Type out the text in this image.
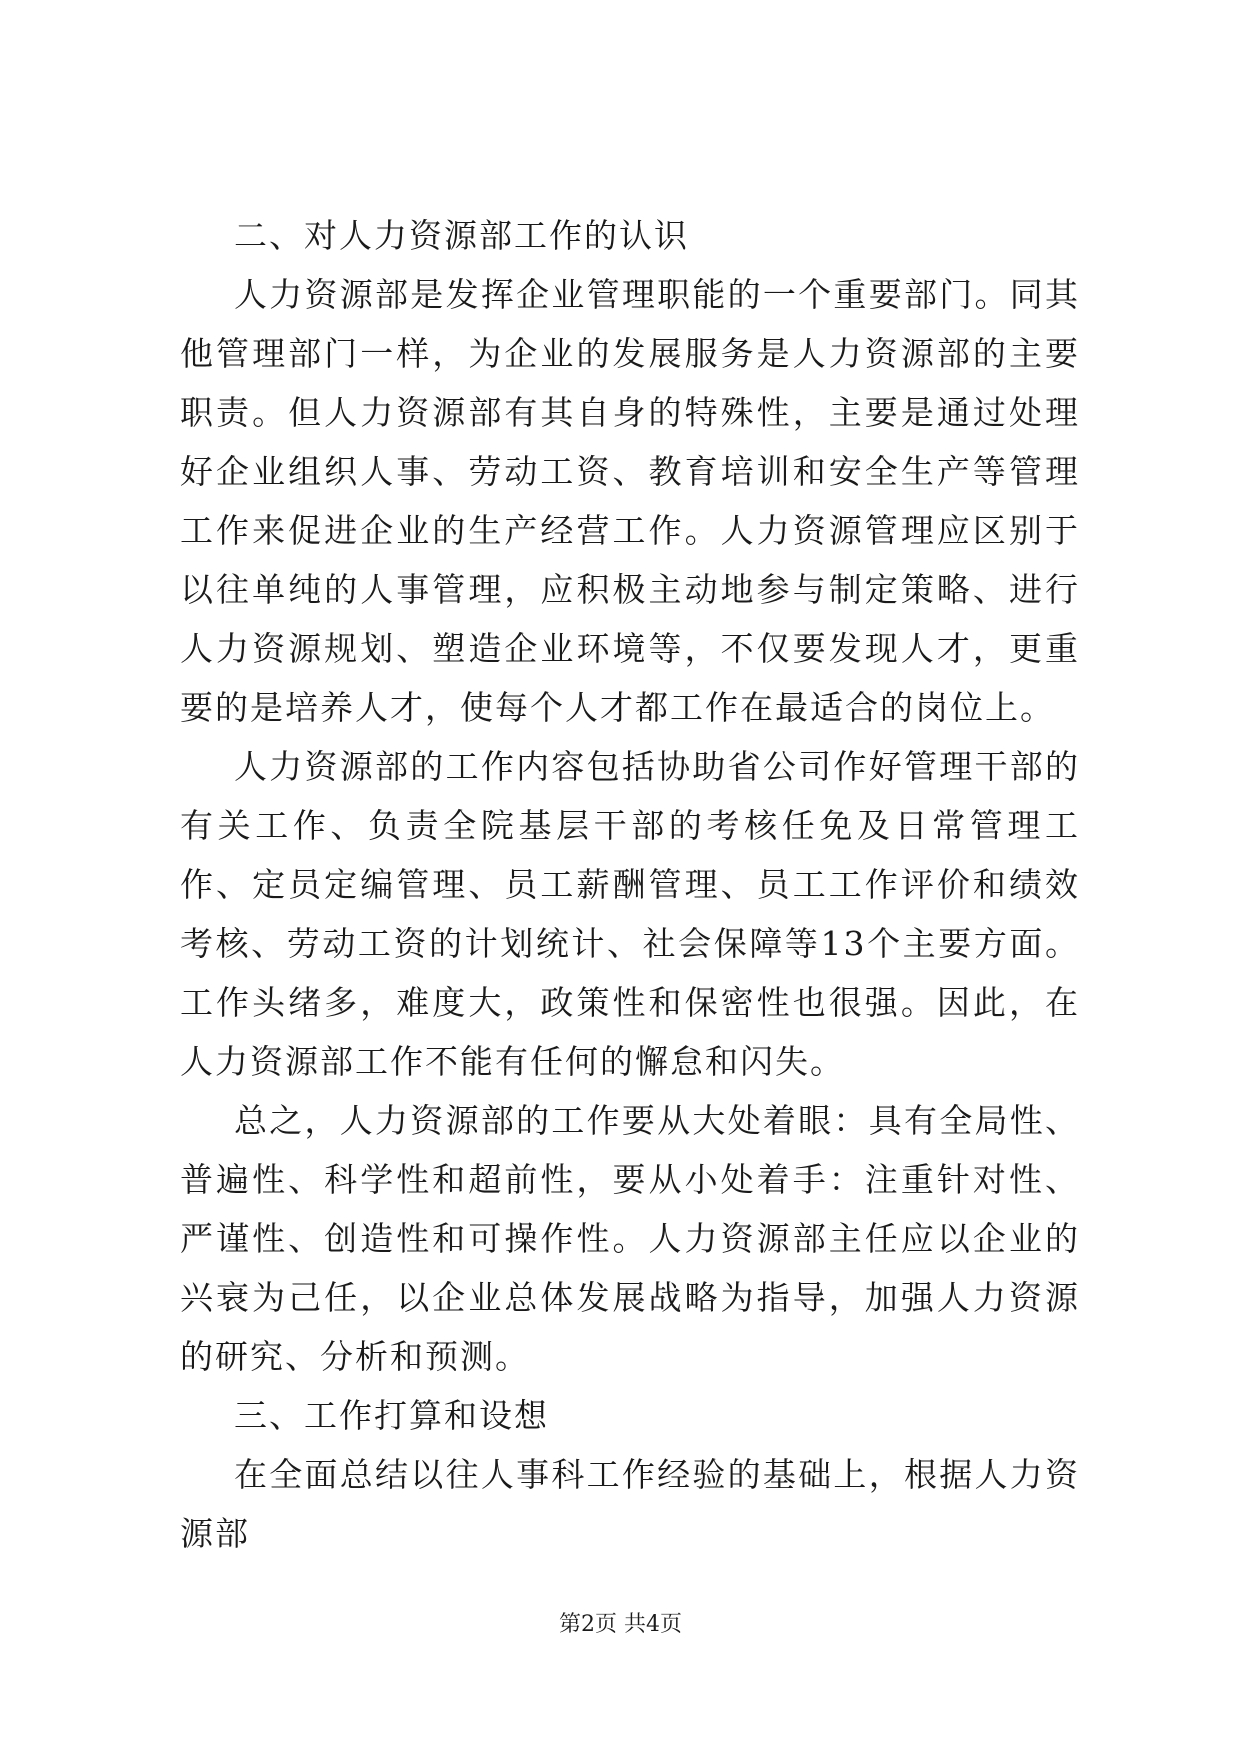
二、对人力资源部工作的认识

人力资源部是发挥企业管理职能的一个重要部门。同其他管理部门一样，为企业的发展服务是人力资源部的主要职责。但人力资源部有其自身的特殊性，主要是通过处理好企业组织人事、劳动工资、教育培训和安全生产等管理工作来促进企业的生产经营工作。人力资源管理应区别于以往单纯的人事管理，应积极主动地参与制定策略、进行人力资源规划、塑造企业环境等，不仅要发现人才，更重要的是培养人才，使每个人才都工作在最适合的岗位上。

人力资源部的工作内容包括协助省公司作好管理干部的有关工作、负责全院基层干部的考核任免及日常管理工作、定员定编管理、员工薪酬管理、员工工作评价和绩效考核、劳动工资的计划统计、社会保障等13个主要方面。工作头绪多，难度大，政策性和保密性也很强。因此，在人力资源部工作不能有任何的懈怠和闪失。

总之，人力资源部的工作要从大处着眼：具有全局性、普遍性、科学性和超前性，要从小处着手：注重针对性、严谨性、创造性和可操作性。人力资源部主任应以企业的兴衰为己任，以企业总体发展战略为指导，加强人力资源的研究、分析和预测。

三、工作打算和设想

在全面总结以往人事科工作经验的基础上，根据人力资源部

第2页 共4页
